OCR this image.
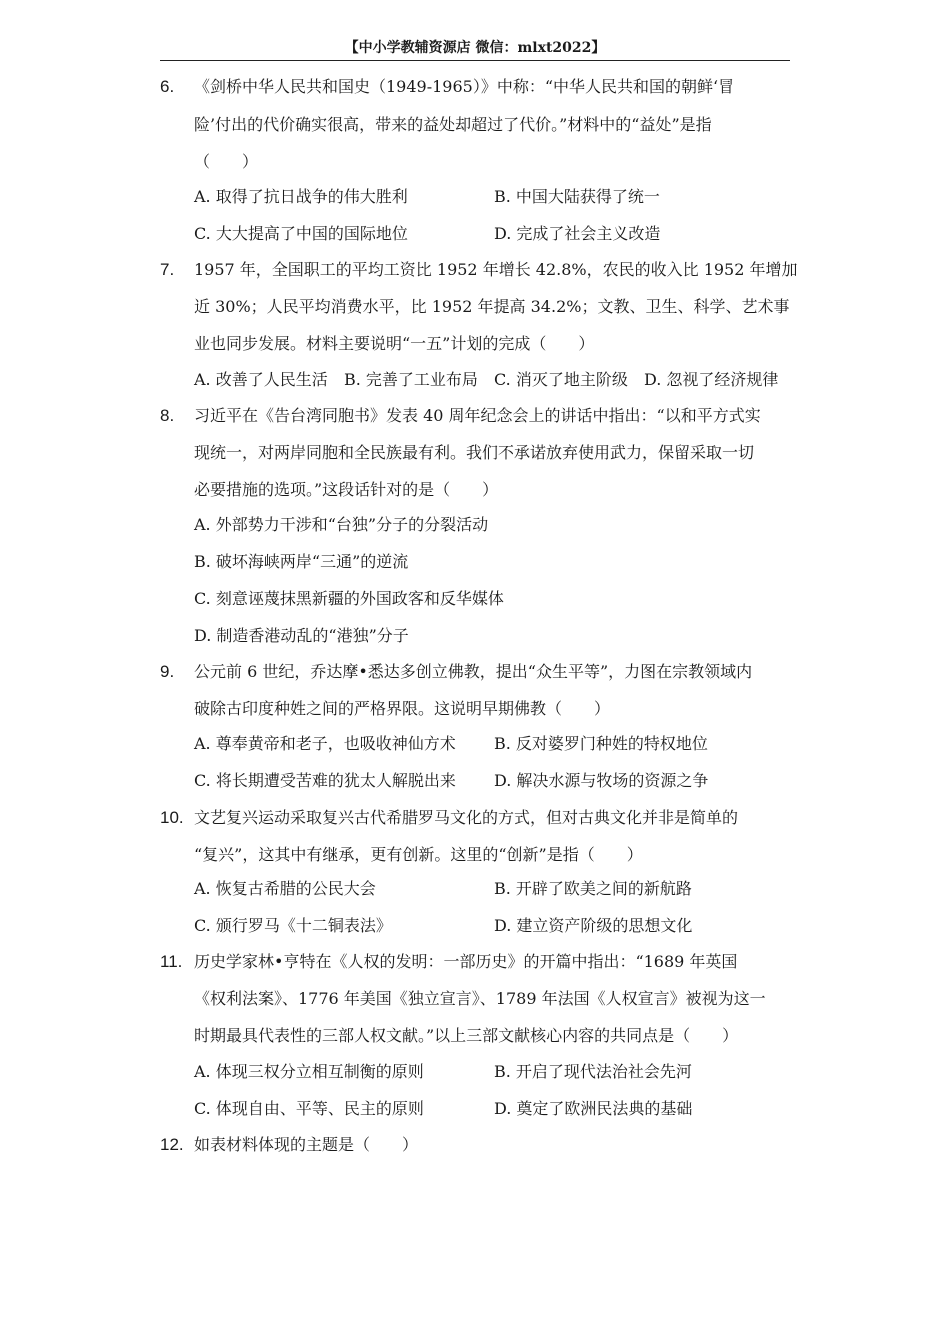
【中小学教辅资源店 微信：mlxt2022】
6. 《剑桥中华人民共和国史（1949-1965）》中称：“中华人民共和国的朝鲜‘冒
险’付出的代价确实很高，带来的益处却超过了代价。”材料中的“益处”是指
（　　）
A. 取得了抗日战争的伟大胜利	B. 中国大陆获得了统一
C. 大大提高了中国的国际地位	D. 完成了社会主义改造
7. 1957 年，全国职工的平均工资比 1952 年增长 42.8%，农民的收入比 1952 年增加
近 30%；人民平均消费水平，比 1952 年提高 34.2%；文教、卫生、科学、艺术事
业也同步发展。材料主要说明“一五”计划的完成（　　）
A. 改善了人民生活 B. 完善了工业布局 C. 消灭了地主阶级 D. 忽视了经济规律
8. 习近平在《告台湾同胞书》发表 40 周年纪念会上的讲话中指出：“以和平方式实
现统一，对两岸同胞和全民族最有利。我们不承诺放弃使用武力，保留采取一切
必要措施的选项。”这段话针对的是（　　）
A. 外部势力干涉和“台独”分子的分裂活动
B. 破坏海峡两岸“三通”的逆流
C. 刻意诬蔑抹黑新疆的外国政客和反华媒体
D. 制造香港动乱的“港独”分子
9. 公元前 6 世纪，乔达摩•悉达多创立佛教，提出“众生平等”，力图在宗教领域内
破除古印度种姓之间的严格界限。这说明早期佛教（　　）
A. 尊奉黄帝和老子，也吸收神仙方术 B. 反对婆罗门种姓的特权地位
C. 将长期遭受苦难的犹太人解脱出来 D. 解决水源与牧场的资源之争
10. 文艺复兴运动采取复兴古代希腊罗马文化的方式，但对古典文化并非是简单的
“复兴”，这其中有继承，更有创新。这里的“创新”是指（　　）
A. 恢复古希腊的公民大会	B. 开辟了欧美之间的新航路
C. 颁行罗马《十二铜表法》	D. 建立资产阶级的思想文化
11. 历史学家林•亨特在《人权的发明：一部历史》的开篇中指出：“1689 年英国
《权利法案》、1776 年美国《独立宣言》、1789 年法国《人权宣言》被视为这一
时期最具代表性的三部人权文献。”以上三部文献核心内容的共同点是（　　）
A. 体现三权分立相互制衡的原则	B. 开启了现代法治社会先河
C. 体现自由、平等、民主的原则	D. 奠定了欧洲民法典的基础
12. 如表材料体现的主题是（　　）
